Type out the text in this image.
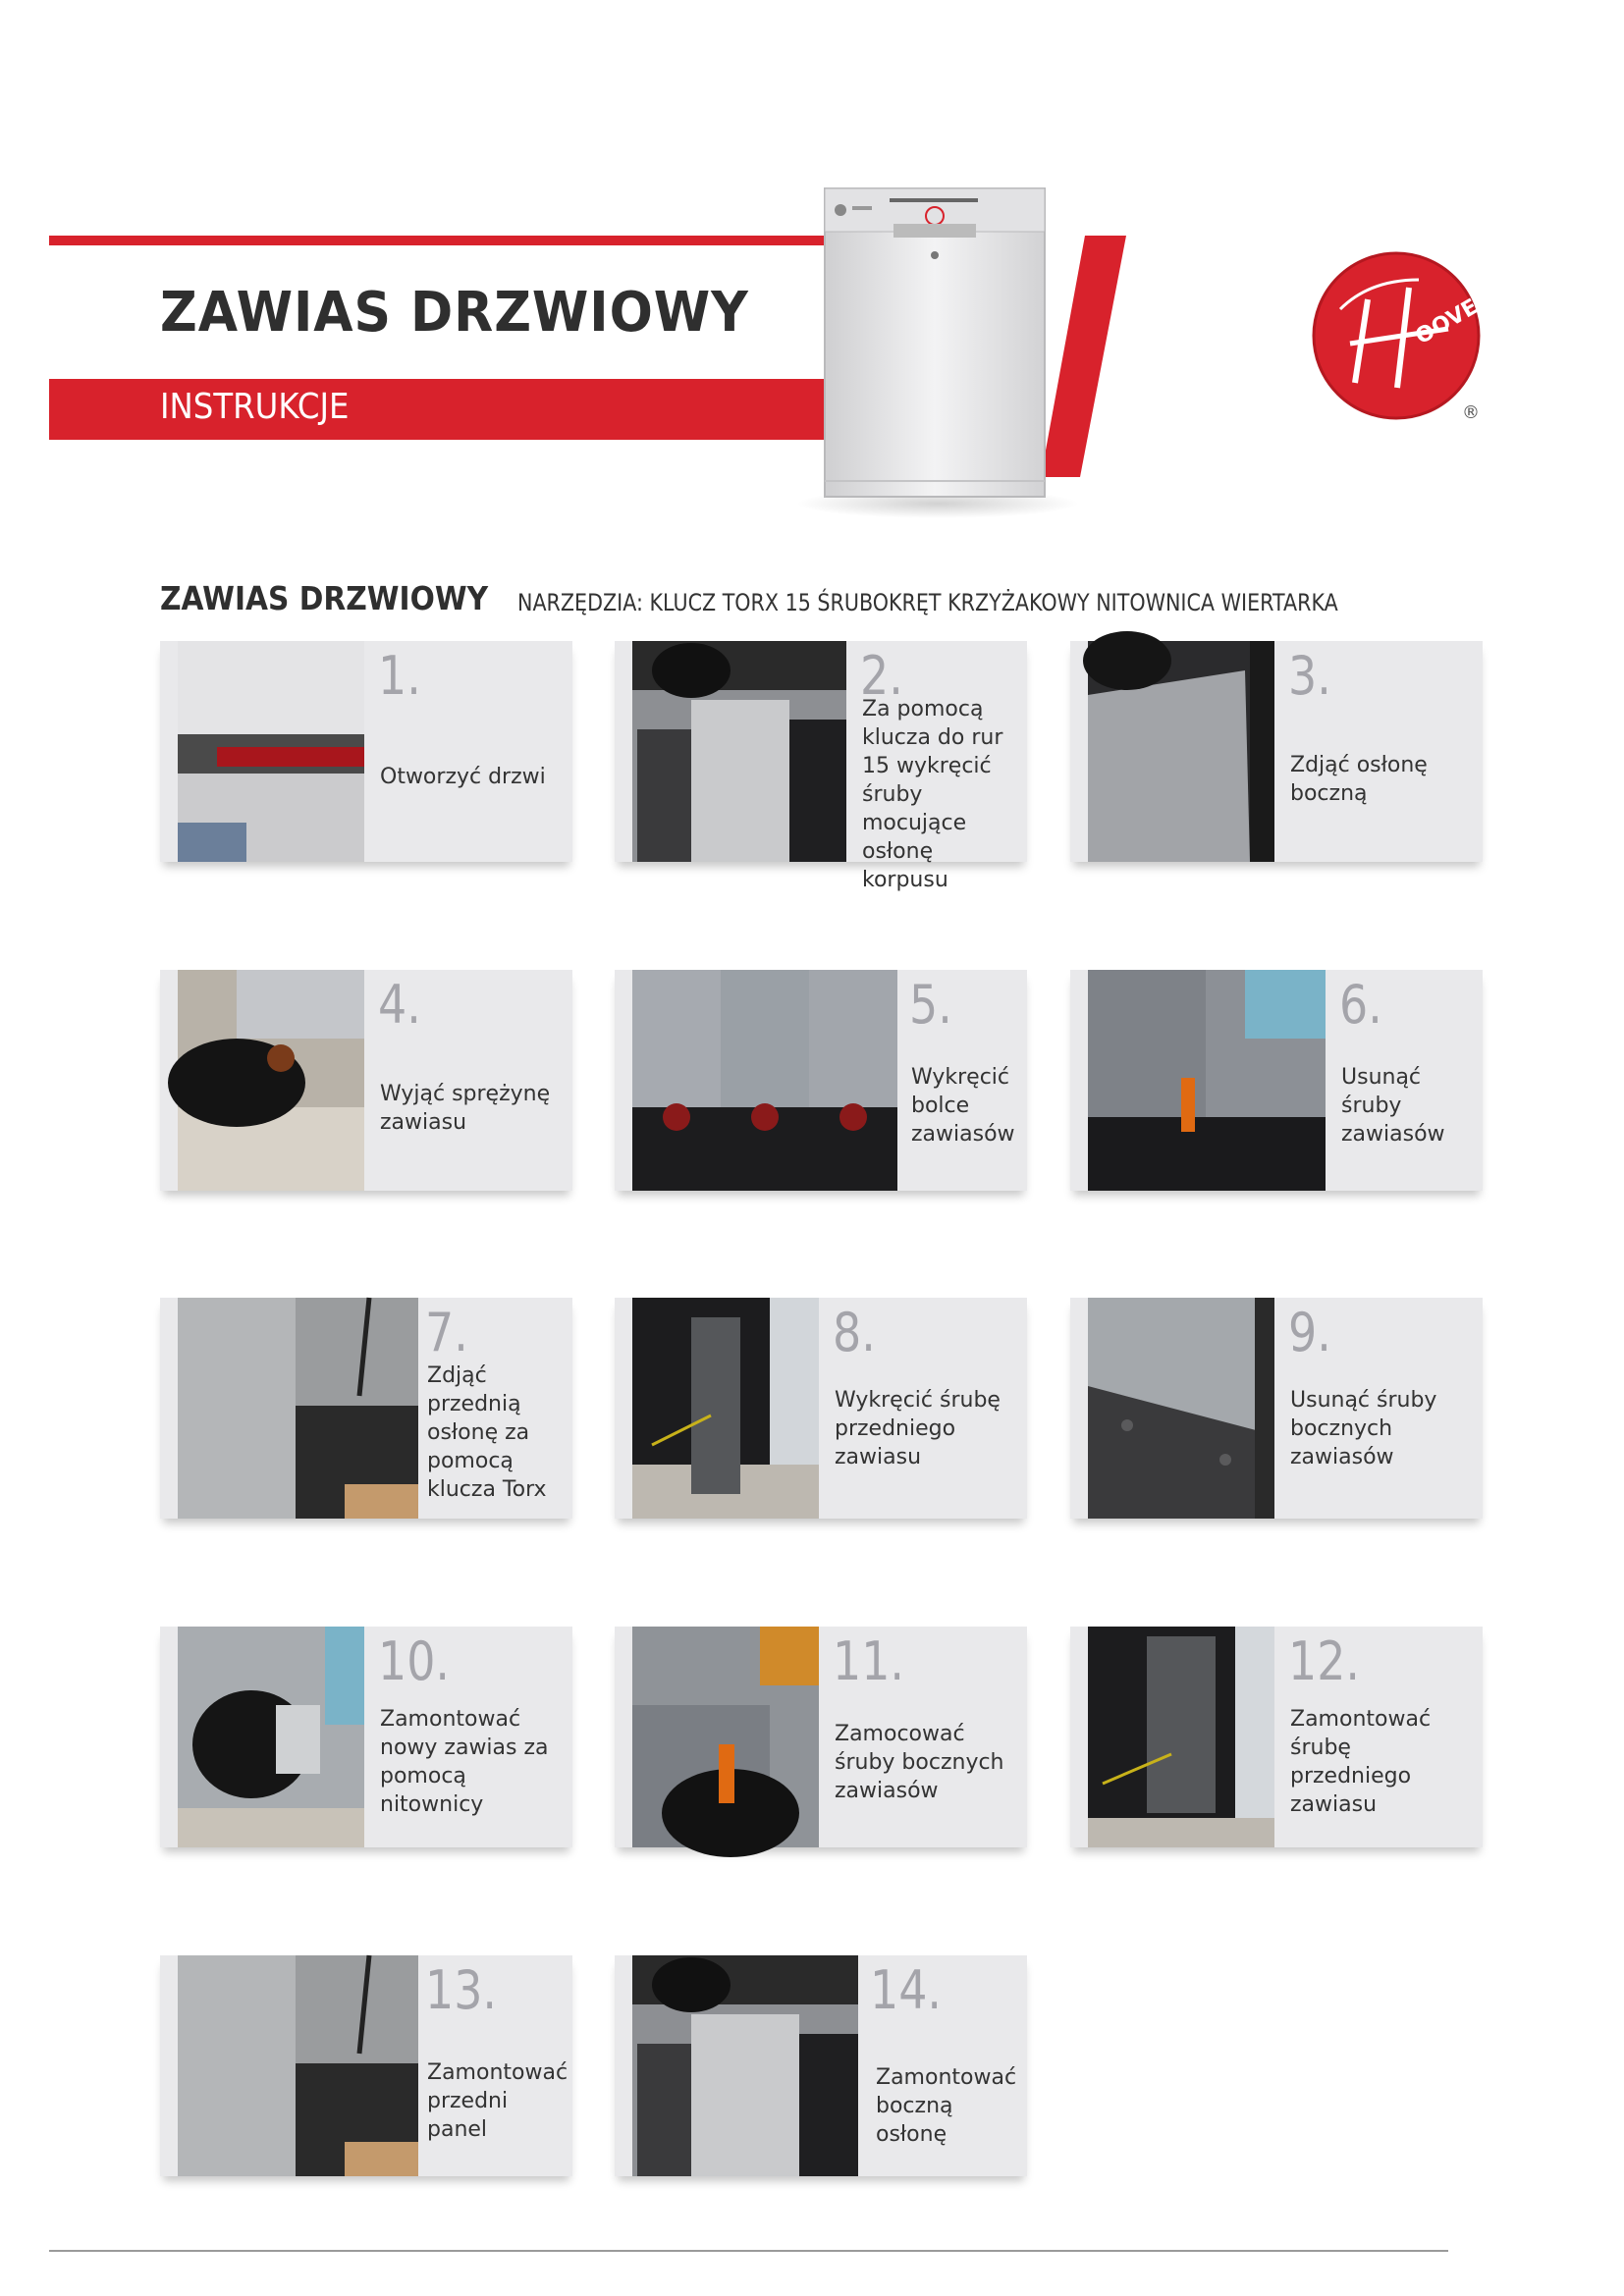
ZAWIAS DRZWIOWY
INSTRUKCJE
OOVER
®
ZAWIAS DRZWIOWY NARZĘDZIA: KLUCZ TORX 15 ŚRUBOKRĘT KRZYŻAKOWY NITOWNICA WIERTARKA
1.
Otworzyć drzwi
2.
Za pomocą klucza do rur 15 wykręcić śruby mocujące osłonę korpusu
3.
Zdjąć osłonę boczną
4.
Wyjąć sprężynę zawiasu
5.
Wykręcić bolce zawiasów
6.
Usunąć śruby zawiasów
7.
Zdjąć przednią osłonę za pomocą klucza Torx
8.
Wykręcić śrubę przedniego zawiasu
9.
Usunąć śruby bocznych zawiasów
10.
Zamontować nowy zawias za pomocą nitownicy
11.
Zamocować śruby bocznych zawiasów
12.
Zamontować śrubę przedniego zawiasu
13.
Zamontować przedni panel
14.
Zamontować boczną osłonę
